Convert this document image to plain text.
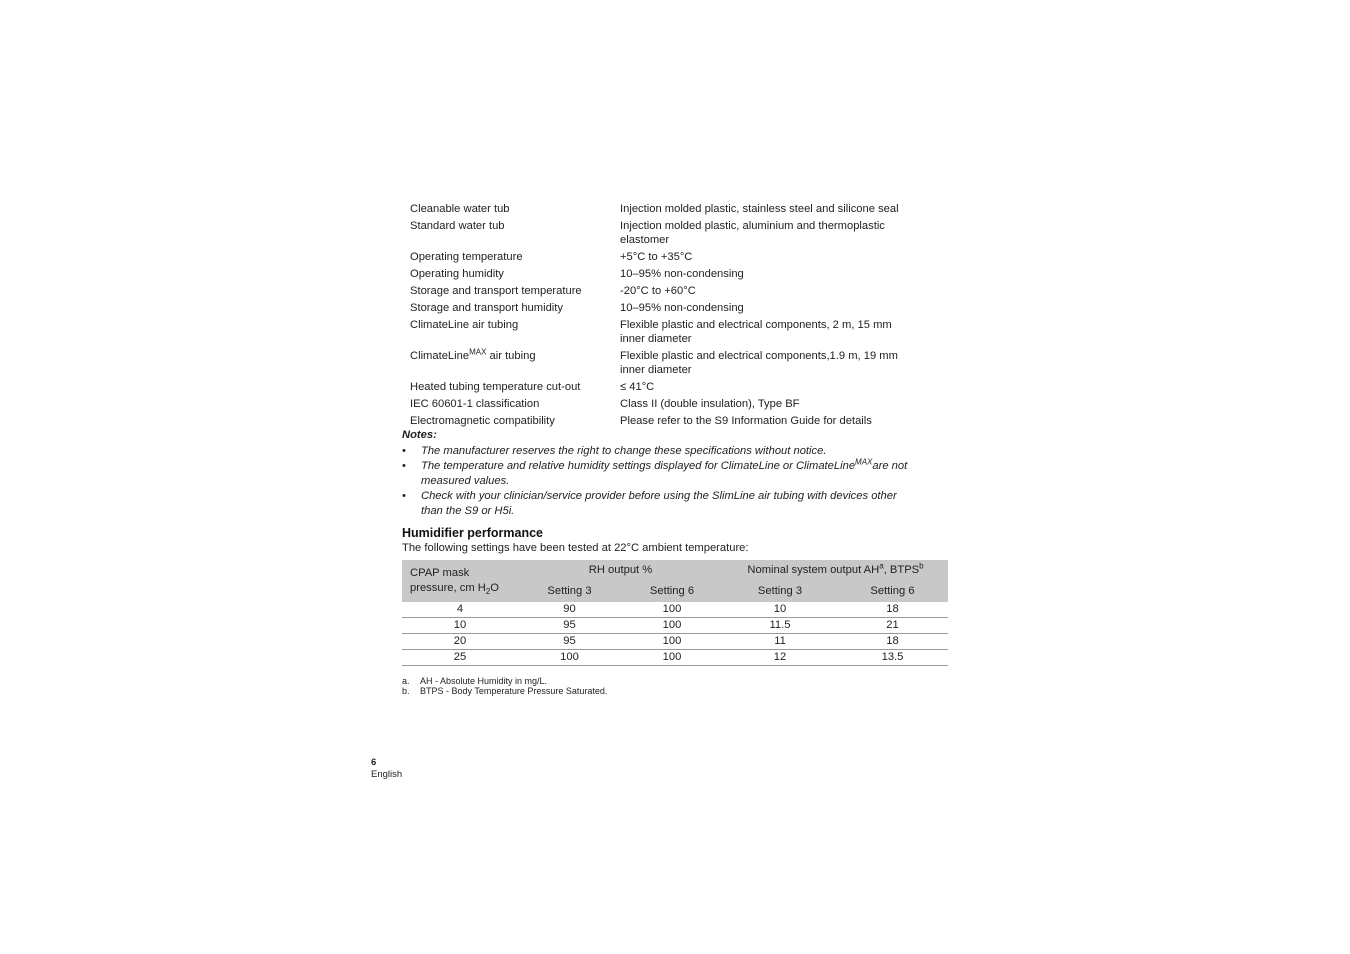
Cleanable water tub	Injection molded plastic, stainless steel and silicone seal
Standard water tub	Injection molded plastic, aluminium and thermoplastic
elastomer
Operating temperature	+5°C to +35°C
Operating humidity	10–95% non-condensing
Storage and transport temperature	-20°C to +60°C
Storage and transport humidity	10–95% non-condensing
ClimateLine air tubing	Flexible plastic and electrical components, 2 m, 15 mm
inner diameter
ClimateLine$^{MAX}$ air tubing	Flexible plastic and electrical components,1.9 m, 19 mm
inner diameter
Heated tubing temperature cut-out	≤ 41°C
IEC 60601-1 classification	Class II (double insulation), Type BF
Electromagnetic compatibility	Please refer to the S9 Information Guide for details
Notes:
• The manufacturer reserves the right to change these specifications without notice.
• The temperature and relative humidity settings displayed for ClimateLine or ClimateLine$^{MAX}$are not
measured values.
• Check with your clinician/service provider before using the SlimLine air tubing with devices other
than the S9 or H5i.
Humidifier performance
The following settings have been tested at 22°C ambient temperature:
CPAP mask
pressure, cm $H_2O$	RH output %		Nominal system output $AH^a$, BTPS$^b$
	Setting 3	Setting 6	Setting 3	Setting 6
4	90	100	10	18
10	95	100	11.5	21
20	95	100	11	18
25	100	100	12	13.5
a. AH - Absolute Humidity in mg/L.
b. BTPS - Body Temperature Pressure Saturated.
6
English
